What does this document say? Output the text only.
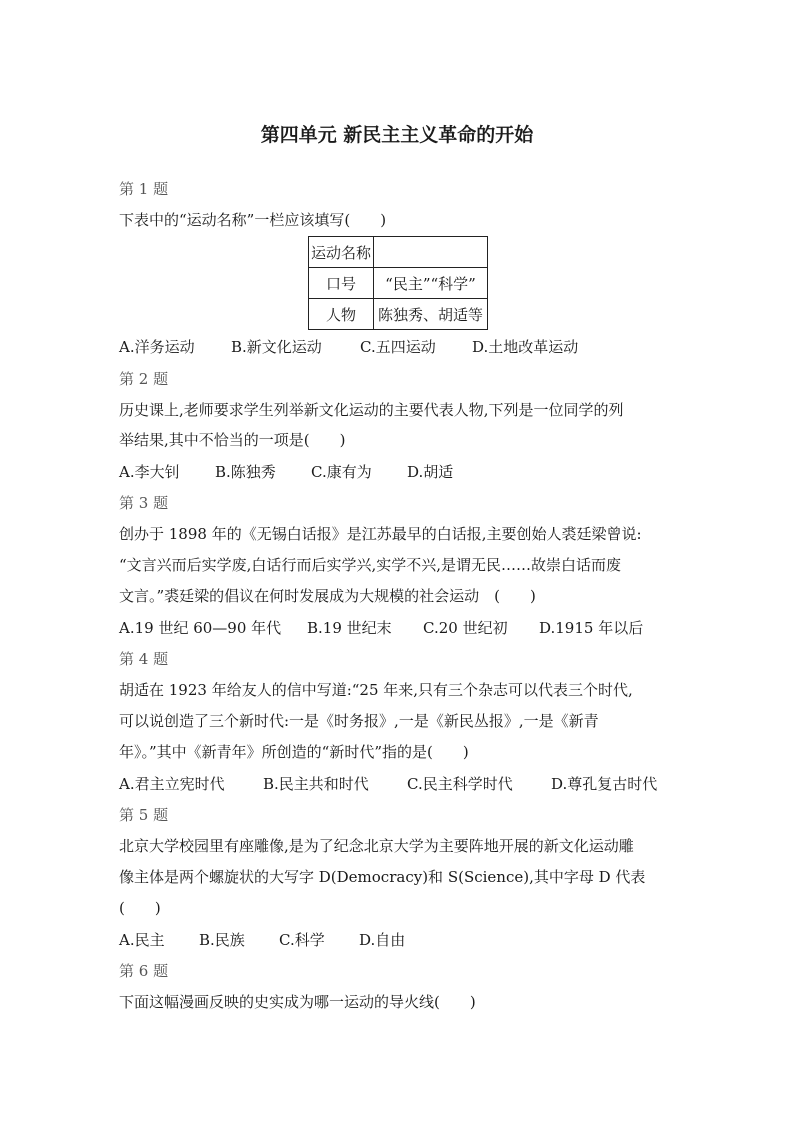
第四单元 新民主主义革命的开始
第 1 题
下表中的“运动名称”一栏应该填写(　　)
运动名称	
口号	“民主”“科学”
人物	陈独秀、胡适等
A.洋务运动 B.新文化运动	C.五四运动 D.土地改革运动
第 2 题
历史课上,老师要求学生列举新文化运动的主要代表人物,下列是一位同学的列
举结果,其中不恰当的一项是(　　)
A.李大钊 B.陈独秀 C.康有为 D.胡适
第 3 题
创办于 1898 年的《无锡白话报》是江苏最早的白话报,主要创始人裘廷梁曾说:
“文言兴而后实学废,白话行而后实学兴,实学不兴,是谓无民……故崇白话而废
文言。”裘廷梁的倡议在何时发展成为大规模的社会运动　(　　)
A.19 世纪 60—90 年代 B.19 世纪末 C.20 世纪初 D.1915 年以后
第 4 题
胡适在 1923 年给友人的信中写道:“25 年来,只有三个杂志可以代表三个时代,
可以说创造了三个新时代:一是《时务报》,一是《新民丛报》,一是《新青
年》。”其中《新青年》所创造的“新时代”指的是(　　)
A.君主立宪时代	B.民主共和时代	C.民主科学时代	D.尊孔复古时代
第 5 题
北京大学校园里有座雕像,是为了纪念北京大学为主要阵地开展的新文化运动雕
像主体是两个螺旋状的大写字 D(Democracy)和 S(Science),其中字母 D 代表
(　　)
A.民主 B.民族 C.科学 D.自由
第 6 题
下面这幅漫画反映的史实成为哪一运动的导火线(　　)
